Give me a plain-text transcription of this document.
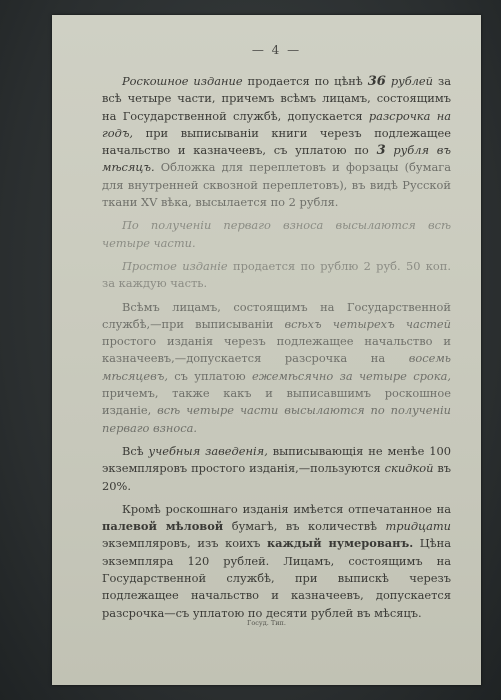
— 4 —

Роскошное издание продается по цѣнѣ 36 рублей за всѣ четыре части, причемъ всѣмъ лицамъ, состоящимъ на Государственной службѣ, допускается разсрочка на годъ, при выписываніи книги черезъ подлежащее начальство и казначеевъ, съ уплатою по 3 рубля въ мѣсяцъ. Обложка для переплетовъ и форзацы (бумага для внутренней сквозной переплетовъ), въ видѣ Русской ткани XV вѣка, высылается по 2 рубля.

По полученіи перваго взноса высылаются всѣ четыре части.

Простое изданіе продается по рублю 2 руб. 50 коп. за каждую часть.

Всѣмъ лицамъ, состоящимъ на Государственной службѣ,—при выписываніи всѣхъ четырехъ частей простого изданія черезъ подлежащее начальство и казначеевъ,—допускается разсрочка на восемь мѣсяцевъ, съ уплатою ежемѣсячно за четыре срока, причемъ, также какъ и выписавшимъ роскошное изданіе, всѣ четыре части высылаются по полученіи перваго взноса.

Всѣ учебныя заведенія, выписывающія не менѣе 100 экземпляровъ простого изданія,—пользуются скидкой въ 20%.

Кромѣ роскошнаго изданія имѣется отпечатанное на палевой мѣловой бумагѣ, въ количествѣ тридцати экземпляровъ, изъ коихъ каждый нумерованъ. Цѣна экземпляра 120 рублей. Лицамъ, состоящимъ на Государственной службѣ, при выпискѣ черезъ подлежащее начальство и казначеевъ, допускается разсрочка—съ уплатою по десяти рублей въ мѣсяцъ.

Госуд. Тип.
